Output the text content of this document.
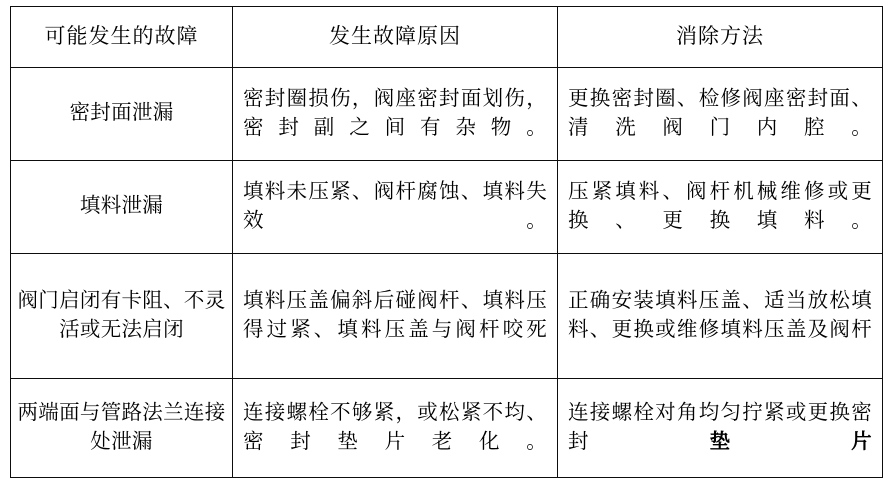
可能发生的故障	发生故障原因	消除方法
密封面泄漏	密封圈损伤，阀座密封面划伤，密封副之间有杂物。	更换密封圈、检修阀座密封面、清洗阀门内腔。
填料泄漏	填料未压紧、阀杆腐蚀、填料失效。	压紧填料、阀杆机械维修或更换、更换填料。
阀门启闭有卡阻、不灵活或无法启闭	填料压盖偏斜后碰阀杆、填料压得过紧、填料压盖与阀杆咬死	正确安装填料压盖、适当放松填料、更换或维修填料压盖及阀杆
两端面与管路法兰连接处泄漏	连接螺栓不够紧，或松紧不均、密封垫片老化。	连接螺栓对角均匀拧紧或更换密封垫片
